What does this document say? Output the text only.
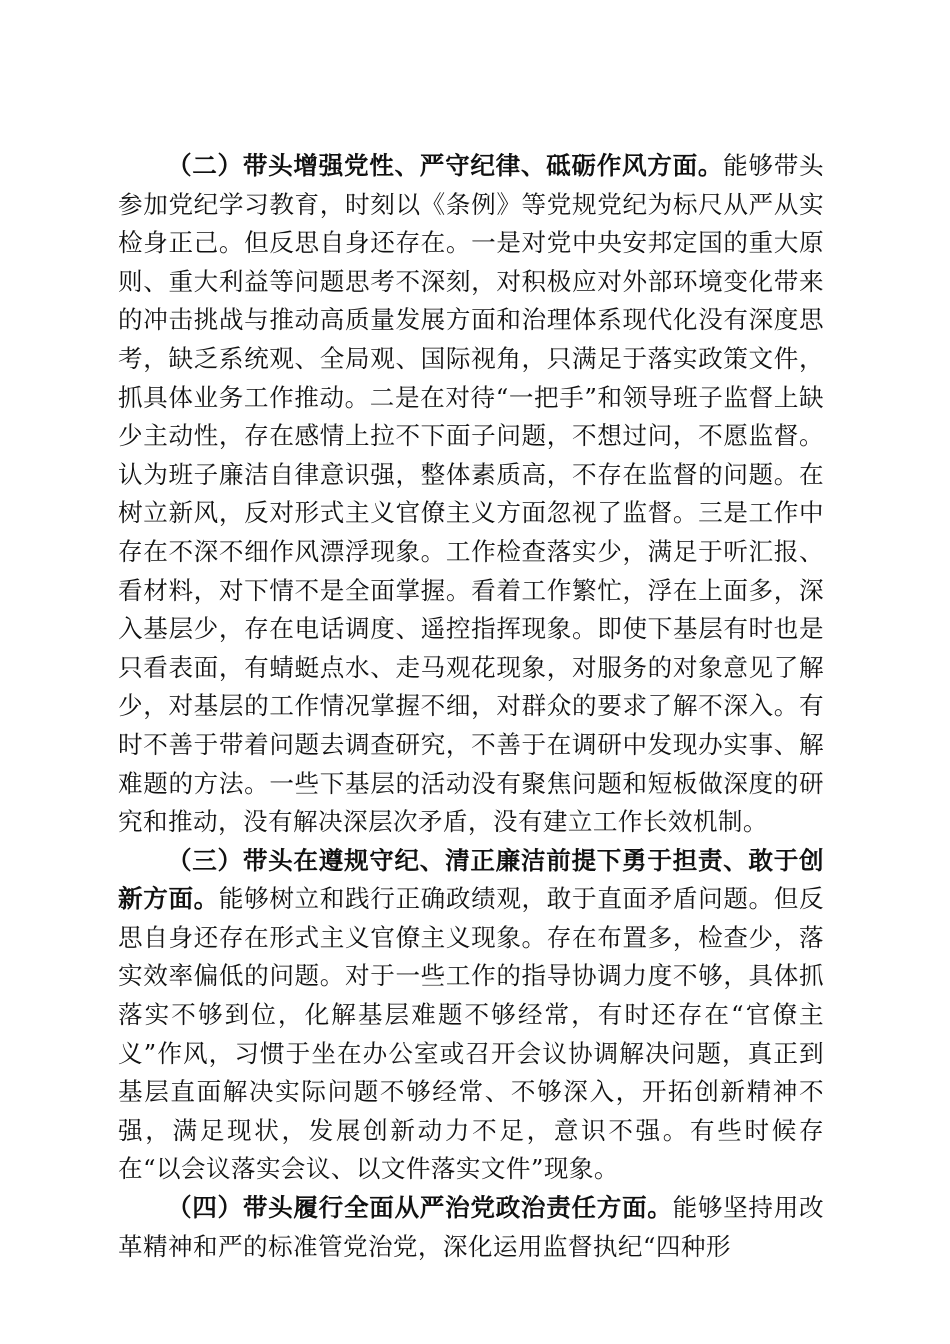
（二）带头增强党性、严守纪律、砥砺作风方面。能够带头参加党纪学习教育，时刻以《条例》等党规党纪为标尺从严从实检身正己。但反思自身还存在。一是对党中央安邦定国的重大原则、重大利益等问题思考不深刻，对积极应对外部环境变化带来的冲击挑战与推动高质量发展方面和治理体系现代化没有深度思考，缺乏系统观、全局观、国际视角，只满足于落实政策文件，抓具体业务工作推动。二是在对待“一把手”和领导班子监督上缺少主动性，存在感情上拉不下面子问题，不想过问，不愿监督。认为班子廉洁自律意识强，整体素质高，不存在监督的问题。在树立新风，反对形式主义官僚主义方面忽视了监督。三是工作中存在不深不细作风漂浮现象。工作检查落实少，满足于听汇报、看材料，对下情不是全面掌握。看着工作繁忙，浮在上面多，深入基层少，存在电话调度、遥控指挥现象。即使下基层有时也是只看表面，有蜻蜓点水、走马观花现象，对服务的对象意见了解少，对基层的工作情况掌握不细，对群众的要求了解不深入。有时不善于带着问题去调查研究，不善于在调研中发现办实事、解难题的方法。一些下基层的活动没有聚焦问题和短板做深度的研究和推动，没有解决深层次矛盾，没有建立工作长效机制。

（三）带头在遵规守纪、清正廉洁前提下勇于担责、敢于创新方面。能够树立和践行正确政绩观，敢于直面矛盾问题。但反思自身还存在形式主义官僚主义现象。存在布置多，检查少，落实效率偏低的问题。对于一些工作的指导协调力度不够，具体抓落实不够到位，化解基层难题不够经常，有时还存在“官僚主义”作风，习惯于坐在办公室或召开会议协调解决问题，真正到基层直面解决实际问题不够经常、不够深入，开拓创新精神不强，满足现状，发展创新动力不足，意识不强。有些时候存在“以会议落实会议、以文件落实文件”现象。

（四）带头履行全面从严治党政治责任方面。能够坚持用改革精神和严的标准管党治党，深化运用监督执纪“四种形
